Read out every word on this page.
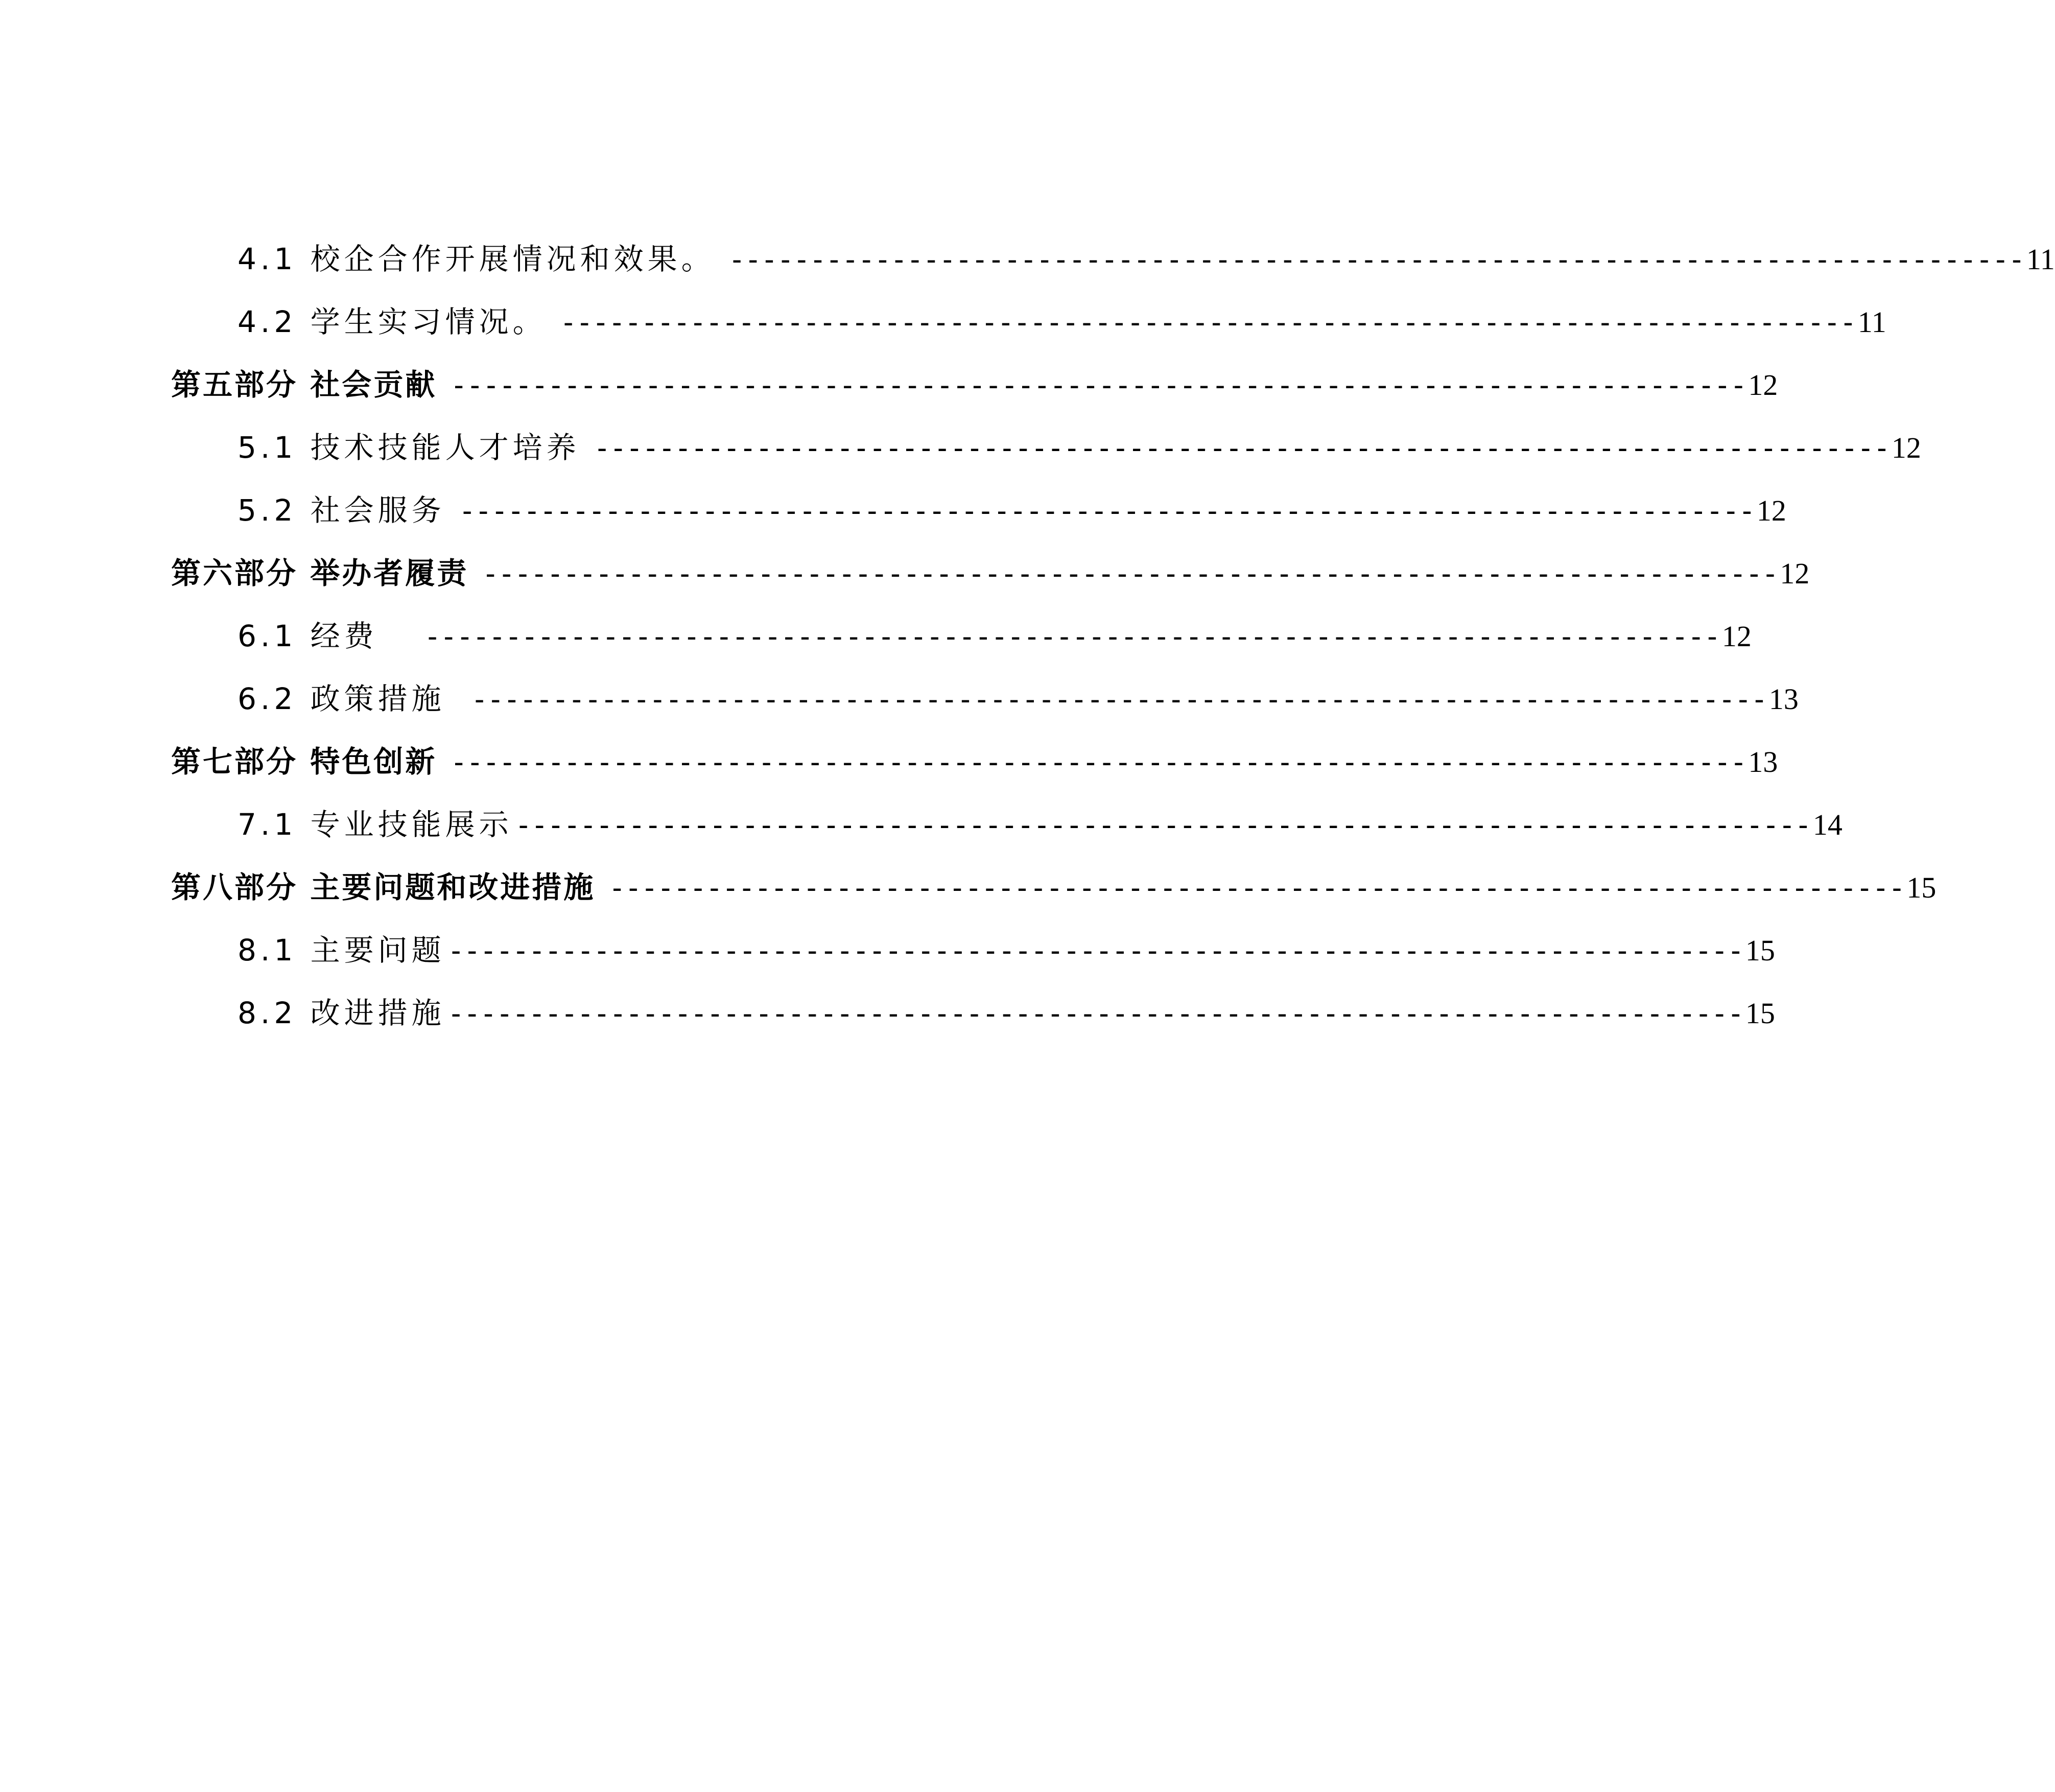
4.1 校企合作开展情况和效果。 -------------------------------------------------------------------------------- 11
4.2 学生实习情况。 -------------------------------------------------------------------------------- 11
第五部分 社会贡献 -------------------------------------------------------------------------------- 12
5.1 技术技能人才培养 -------------------------------------------------------------------------------- 12
5.2 社会服务 -------------------------------------------------------------------------------- 12
第六部分 举办者履责 -------------------------------------------------------------------------------- 12
6.1 经费 -------------------------------------------------------------------------------- 12
6.2 政策措施 -------------------------------------------------------------------------------- 13
第七部分 特色创新 -------------------------------------------------------------------------------- 13
7.1 专业技能展示 -------------------------------------------------------------------------------- 14
第八部分 主要问题和改进措施 -------------------------------------------------------------------------------- 15
8.1 主要问题 -------------------------------------------------------------------------------- 15
8.2 改进措施 -------------------------------------------------------------------------------- 15
